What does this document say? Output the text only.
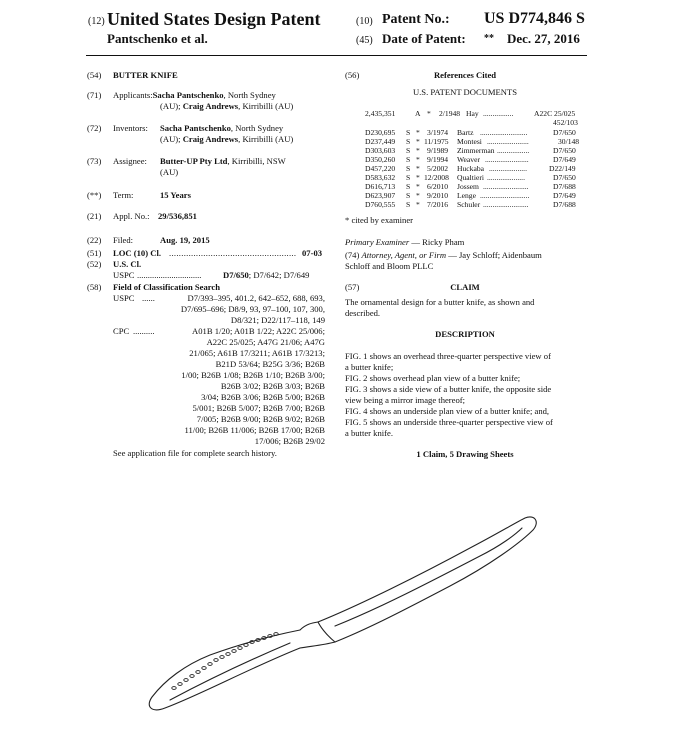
(12) United States Design Patent
Pantschenko et al.
(10) Patent No.: US D774,846 S
(45) Date of Patent: ** Dec. 27, 2016
(54) BUTTER KNIFE
(71) Applicants:Sacha Pantschenko, North Sydney
(AU); Craig Andrews, Kirribilli (AU)
(72) Inventors: Sacha Pantschenko, North Sydney
(AU); Craig Andrews, Kirribilli (AU)
(73) Assignee: Butter-UP Pty Ltd, Kirribilli, NSW
(AU)
(**) Term:	15 Years
(21) Appl. No.: 29/536,851
(22) Filed:	Aug. 19, 2015
(51) LOC (10) Cl. .................................................... 07-03
(52) U.S. Cl.
USPC ..............................	D7/650; D7/642; D7/649
(58) Field of Classification Search
USPC ......	D7/393–395, 401.2, 642–652, 688, 693,
D7/695–696; D8/9, 93, 97–100, 107, 300,
D8/321; D22/117–118, 149
CPC ..........	A01B 1/20; A01B 1/22; A22C 25/006;
A22C 25/025; A47G 21/06; A47G
21/065; A61B 17/3211; A61B 17/3213;
B21D 53/64; B25G 3/36; B26B
1/00; B26B 1/08; B26B 1/10; B26B 3/00;
B26B 3/02; B26B 3/03; B26B
3/04; B26B 3/06; B26B 5/00; B26B
5/001; B26B 5/007; B26B 7/00; B26B
7/005; B26B 9/00; B26B 9/02; B26B
11/00; B26B 11/006; B26B 17/00; B26B
17/006; B26B 29/02
See application file for complete search history.
(56)	References Cited
U.S. PATENT DOCUMENTS
2,435,351	A * 2/1948 Hay ................	A22C 25/025
452/103
D230,695 S * 3/1974 Bartz .........................	D7/650
D237,449 S * 11/1975 Montesi ......................	30/148
D303,603 S * 9/1989 Zimmerman .................	D7/650
D350,260 S * 9/1994 Weaver .......................	D7/649
D457,220 S * 5/2002 Huckaba ....................	D22/149
D583,632 S * 12/2008 Qualtieri ....................	D7/650
D616,713 S * 6/2010 Jossem ........................	D7/688
D623,907 S * 9/2010 Lenge ..........................	D7/649
D760,555 S * 7/2016 Schuler ........................	D7/688
* cited by examiner
Primary Examiner — Ricky Pham
(74) Attorney, Agent, or Firm — Jay Schloff; Aidenbaum
Schloff and Bloom PLLC
(57)	CLAIM
The ornamental design for a butter knife, as shown and
described.
DESCRIPTION
FIG. 1 shows an overhead three-quarter perspective view of
a butter knife;
FIG. 2 shows overhead plan view of a butter knife;
FIG. 3 shows a side view of a butter knife, the opposite side
view being a mirror image thereof;
FIG. 4 shows an underside plan view of a butter knife; and,
FIG. 5 shows an underside three-quarter perspective view of
a butter knife.
1 Claim, 5 Drawing Sheets
